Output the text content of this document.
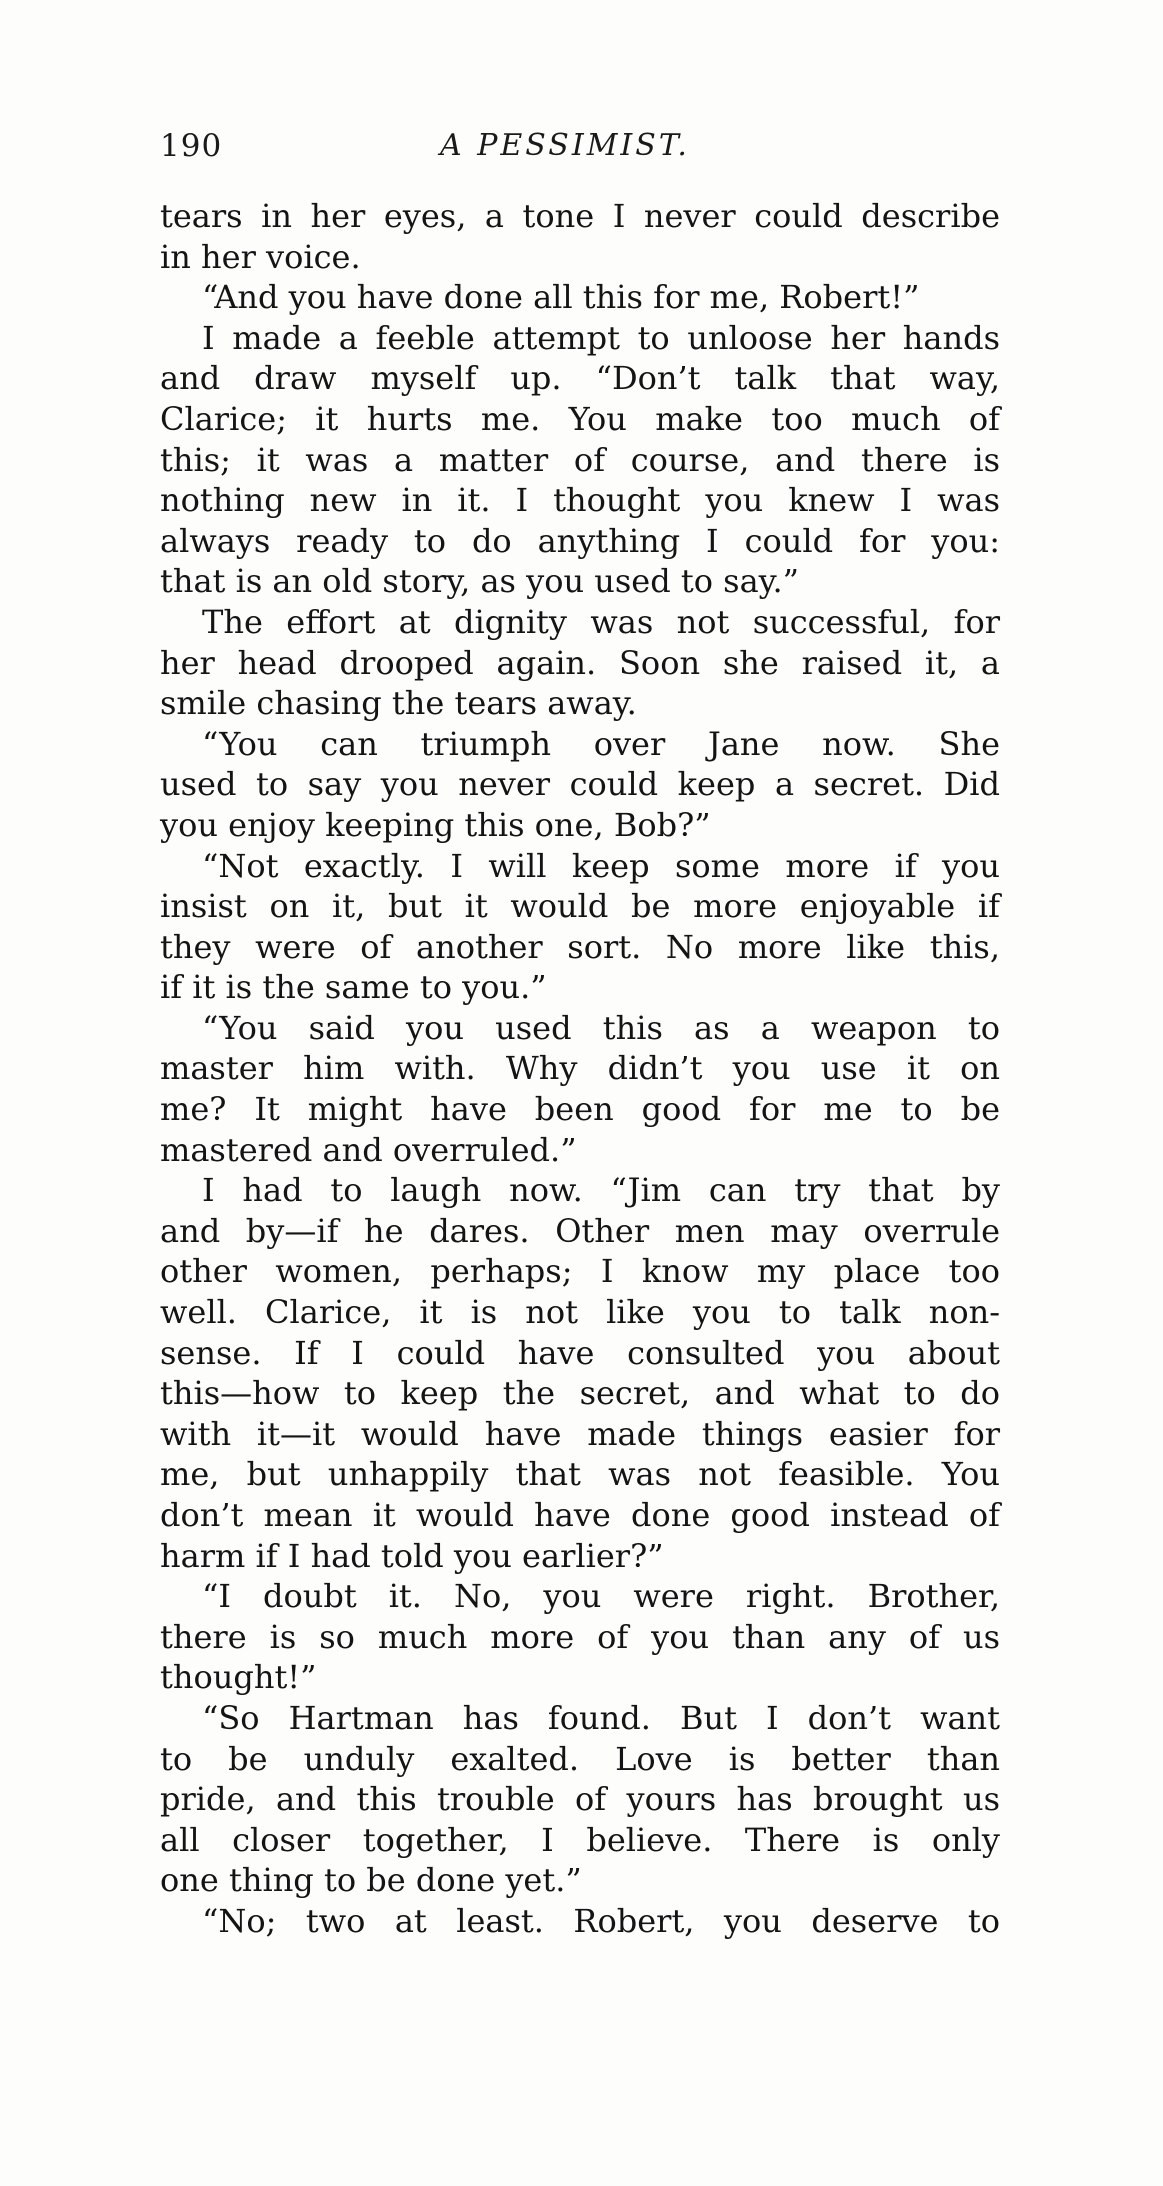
190	A PESSIMIST.
tears in her eyes, a tone I never could describe
in her voice.
“And you have done all this for me, Robert!”
I made a feeble attempt to unloose her hands
and draw myself up. “Don’t talk that way,
Clarice; it hurts me. You make too much of
this; it was a matter of course, and there is
nothing new in it. I thought you knew I was
always ready to do anything I could for you:
that is an old story, as you used to say.”
The effort at dignity was not successful, for
her head drooped again. Soon she raised it, a
smile chasing the tears away.
“You can triumph over Jane now. She
used to say you never could keep a secret. Did
you enjoy keeping this one, Bob?”
“Not exactly. I will keep some more if you
insist on it, but it would be more enjoyable if
they were of another sort. No more like this,
if it is the same to you.”
“You said you used this as a weapon to
master him with. Why didn’t you use it on
me? It might have been good for me to be
mastered and overruled.”
I had to laugh now. “Jim can try that by
and by—if he dares. Other men may overrule
other women, perhaps; I know my place too
well. Clarice, it is not like you to talk non-
sense. If I could have consulted you about
this—how to keep the secret, and what to do
with it—it would have made things easier for
me, but unhappily that was not feasible. You
don’t mean it would have done good instead of
harm if I had told you earlier?”
“I doubt it. No, you were right. Brother,
there is so much more of you than any of us
thought!”
“So Hartman has found. But I don’t want
to be unduly exalted. Love is better than
pride, and this trouble of yours has brought us
all closer together, I believe. There is only
one thing to be done yet.”
“No; two at least. Robert, you deserve to
